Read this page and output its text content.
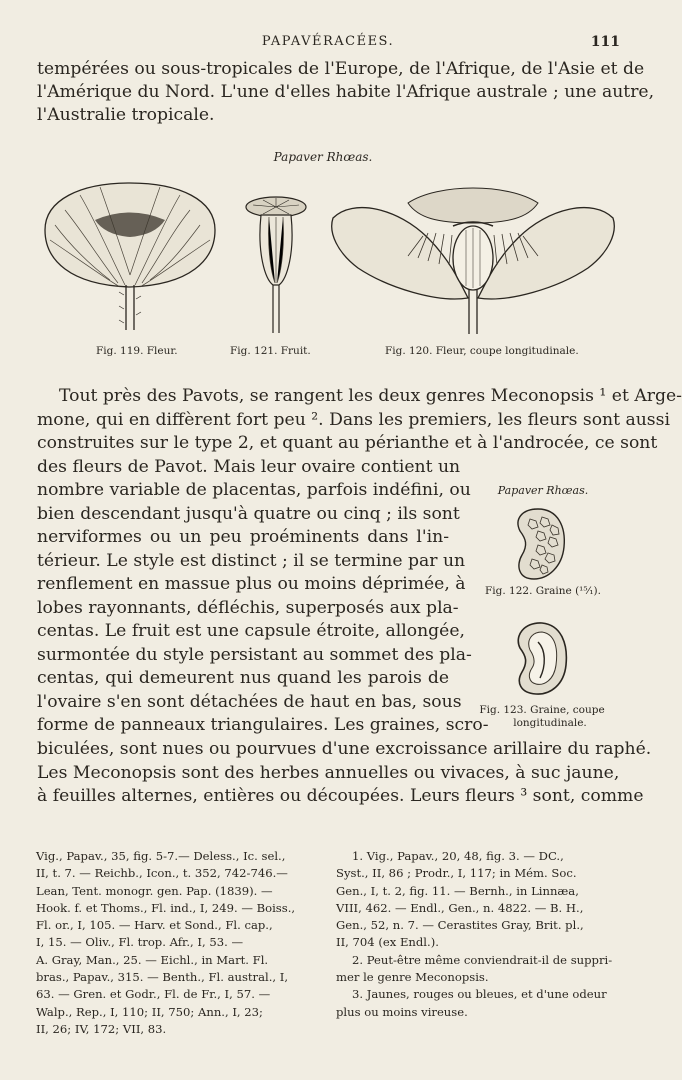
PAPAVÉRACÉES.	111
tempérées ou sous-tropicales de l'Europe, de l'Afrique, de l'Asie et de
l'Amérique du Nord. L'une d'elles habite l'Afrique australe ; une autre,
l'Australie tropicale.
Papaver Rhœas.
Fig. 119. Fleur.	Fig. 121. Fruit.	Fig. 120. Fleur, coupe longitudinale.
Tout près des Pavots, se rangent les deux genres Meconopsis ¹ et Arge-
mone, qui en diffèrent fort peu ². Dans les premiers, les fleurs sont aussi
construites sur le type 2, et quant au périanthe et à l'androcée, ce sont
des fleurs de Pavot. Mais leur ovaire contient un
nombre variable de placentas, parfois indéfini, ou
bien descendant jusqu'à quatre ou cinq ; ils sont
nerviformes ou un peu proéminents dans l'in-
térieur. Le style est distinct ; il se termine par un
renflement en massue plus ou moins déprimée, à
lobes rayonnants, défléchis, superposés aux pla-
centas. Le fruit est une capsule étroite, allongée,
surmontée du style persistant au sommet des pla-
centas, qui demeurent nus quand les parois de
l'ovaire s'en sont détachées de haut en bas, sous
forme de panneaux triangulaires. Les graines, scro-
biculées, sont nues ou pourvues d'une excroissance arillaire du raphé.
Les Meconopsis sont des herbes annuelles ou vivaces, à suc jaune,
à feuilles alternes, entières ou découpées. Leurs fleurs ³ sont, comme
Papaver Rhœas.
Fig. 122. Graine (¹⁵⁄₁).
Fig. 123. Graine, coupe
longitudinale.
Vig., Papav., 35, fig. 5-7.— Deless., Ic. sel.,
II, t. 7. — Reichb., Icon., t. 352, 742-746.—
Lean, Tent. monogr. gen. Pap. (1839). —
Hook. f. et Thoms., Fl. ind., I, 249. — Boiss.,
Fl. or., I, 105. — Harv. et Sond., Fl. cap.,
I, 15. — Oliv., Fl. trop. Afr., I, 53. —
A. Gray, Man., 25. — Eichl., in Mart. Fl.
bras., Papav., 315. — Benth., Fl. austral., I,
63. — Gren. et Godr., Fl. de Fr., I, 57. —
Walp., Rep., I, 110; II, 750; Ann., I, 23;
II, 26; IV, 172; VII, 83.
1. Vig., Papav., 20, 48, fig. 3. — DC.,
Syst., II, 86 ; Prodr., I, 117; in Mém. Soc.
Gen., I, t. 2, fig. 11. — Bernh., in Linnæa,
VIII, 462. — Endl., Gen., n. 4822. — B. H.,
Gen., 52, n. 7. — Cerastites Gray, Brit. pl.,
II, 704 (ex Endl.).
2. Peut-être même conviendrait-il de suppri-
mer le genre Meconopsis.
3. Jaunes, rouges ou bleues, et d'une odeur
plus ou moins vireuse.
